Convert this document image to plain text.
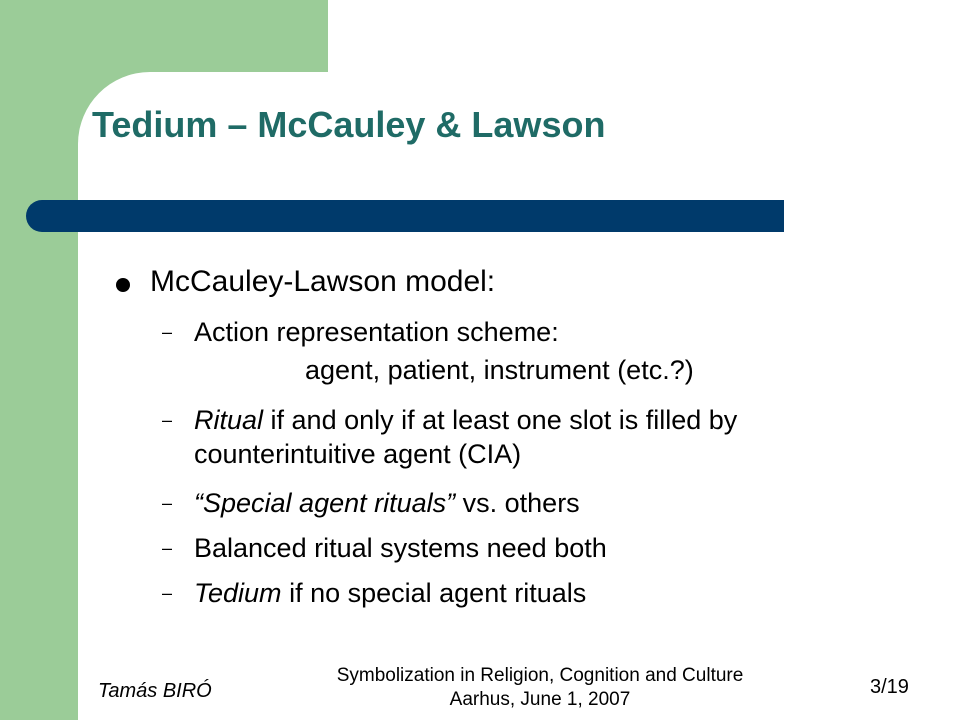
Tedium – McCauley & Lawson
McCauley-Lawson model:
– Action representation scheme:
agent, patient, instrument (etc.?)
– Ritual if and only if at least one slot is filled by
counterintuitive agent (CIA)
– “Special agent rituals” vs. others
– Balanced ritual systems need both
– Tedium if no special agent rituals
Tamás BIRÓ
Symbolization in Religion, Cognition and Culture
Aarhus, June 1, 2007
3/19
